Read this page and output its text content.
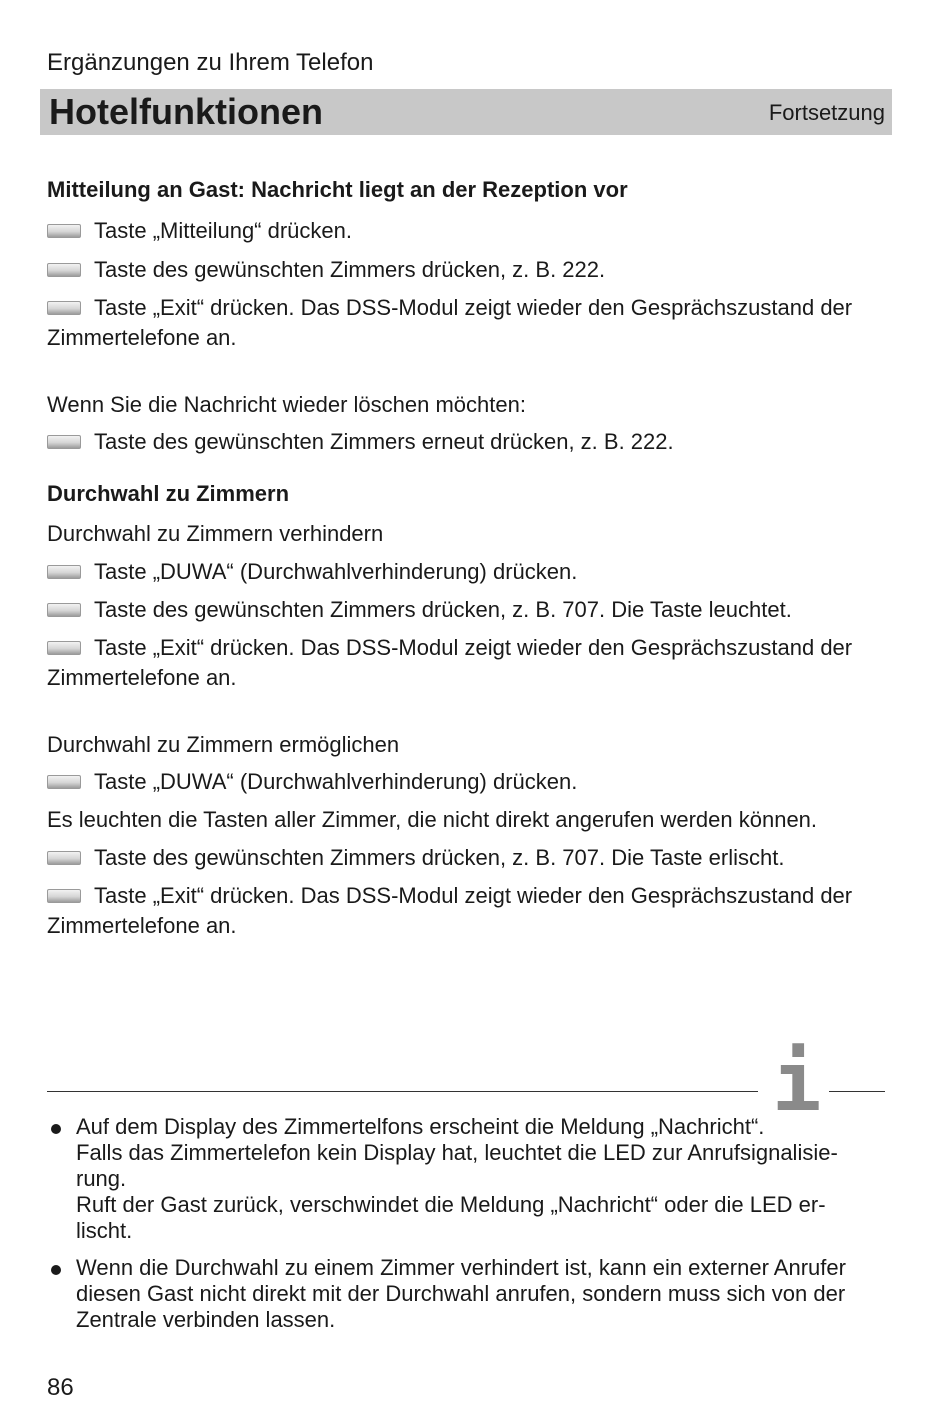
Ergänzungen zu Ihrem Telefon
Hotelfunktionen	Fortsetzung
Mitteilung an Gast: Nachricht liegt an der Rezeption vor
Taste „Mitteilung“ drücken.
Taste des gewünschten Zimmers drücken, z. B. 222.
Taste „Exit“ drücken. Das DSS-Modul zeigt wieder den Gesprächszustand der
Zimmertelefone an.
Wenn Sie die Nachricht wieder löschen möchten:
Taste des gewünschten Zimmers erneut drücken, z. B. 222.
Durchwahl zu Zimmern
Durchwahl zu Zimmern verhindern
Taste „DUWA“ (Durchwahlverhinderung) drücken.
Taste des gewünschten Zimmers drücken, z. B. 707. Die Taste leuchtet.
Taste „Exit“ drücken. Das DSS-Modul zeigt wieder den Gesprächszustand der
Zimmertelefone an.
Durchwahl zu Zimmern ermöglichen
Taste „DUWA“ (Durchwahlverhinderung) drücken.
Es leuchten die Tasten aller Zimmer, die nicht direkt angerufen werden können.
Taste des gewünschten Zimmers drücken, z. B. 707. Die Taste erlischt.
Taste „Exit“ drücken. Das DSS-Modul zeigt wieder den Gesprächszustand der
Zimmertelefone an.
i
Auf dem Display des Zimmertelfons erscheint die Meldung „Nachricht“.
Falls das Zimmertelefon kein Display hat, leuchtet die LED zur Anrufsignalisie-
rung.
Ruft der Gast zurück, verschwindet die Meldung „Nachricht“ oder die LED er-
lischt.
Wenn die Durchwahl zu einem Zimmer verhindert ist, kann ein externer Anrufer
diesen Gast nicht direkt mit der Durchwahl anrufen, sondern muss sich von der
Zentrale verbinden lassen.
86
